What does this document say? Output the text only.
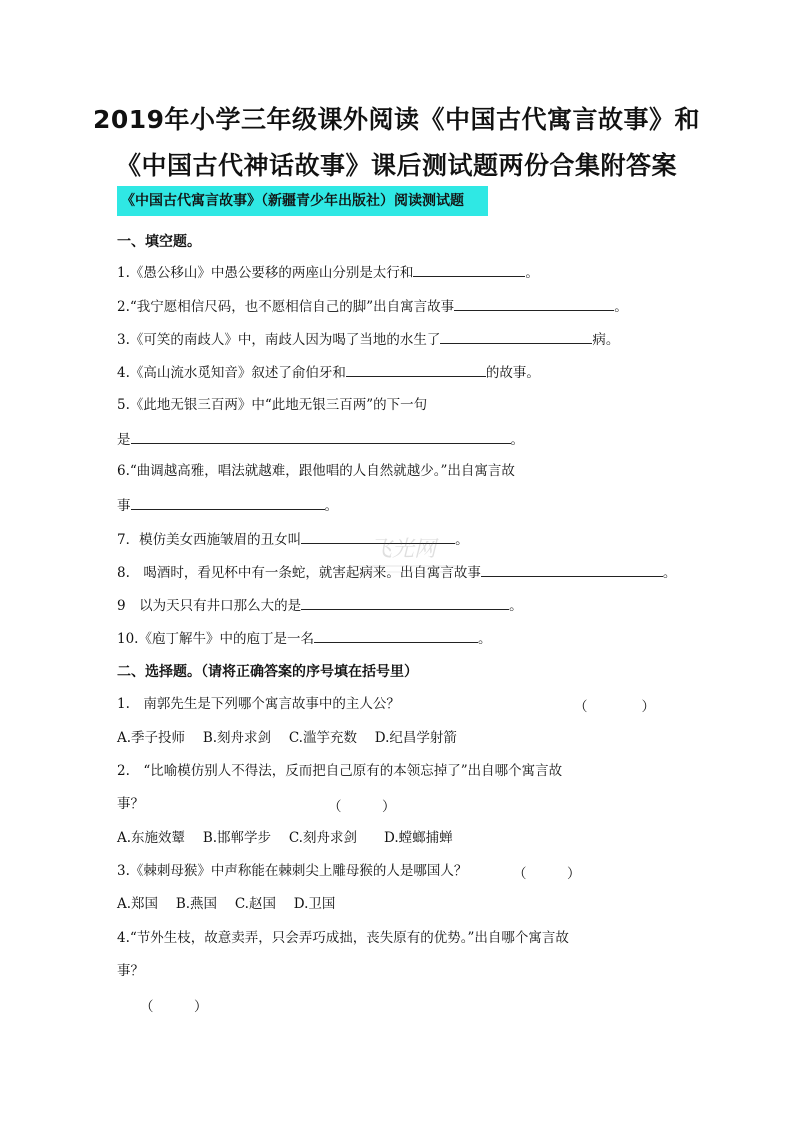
2019年小学三年级课外阅读《中国古代寓言故事》和
《中国古代神话故事》课后测试题两份合集附答案
《中国古代寓言故事》（新疆青少年出版社）阅读测试题
一、填空题。
1.《愚公移山》中愚公要移的两座山分别是太行和	。
2.“我宁愿相信尺码，也不愿相信自己的脚”出自寓言故事	。
3.《可笑的南歧人》中，南歧人因为喝了当地的水生了	病。
4.《高山流水觅知音》叙述了俞伯牙和	的故事。
5.《此地无银三百两》中“此地无银三百两”的下一句
是	。
6.“曲调越高雅，唱法就越难，跟他唱的人自然就越少。”出自寓言故
事	。
7．模仿美女西施皱眉的丑女叫	。
8.　喝酒时，看见杯中有一条蛇，就害起病来。出自寓言故事	。
9　以为天只有井口那么大的是	。
10.《庖丁解牛》中的庖丁是一名	。
飞光网
二、选择题。（请将正确答案的序号填在括号里）
1.　南郭先生是下列哪个寓言故事中的主人公？	（　　　　）
A.季子投师　 B.刻舟求剑　 C.滥竽充数　 D.纪昌学射箭
2.　“比喻模仿别人不得法，反而把自己原有的本领忘掉了”出自哪个寓言故
事？	（　　　）
A.东施效颦　 B.邯郸学步　 C.刻舟求剑　　D.螳螂捕蝉
3.《棘刺母猴》中声称能在棘刺尖上雕母猴的人是哪国人？	（　　　）
A.郑国　 B.燕国　 C.赵国　 D.卫国
4.“节外生枝，故意卖弄，只会弄巧成拙，丧失原有的优势。”出自哪个寓言故
事？
（　　　）
